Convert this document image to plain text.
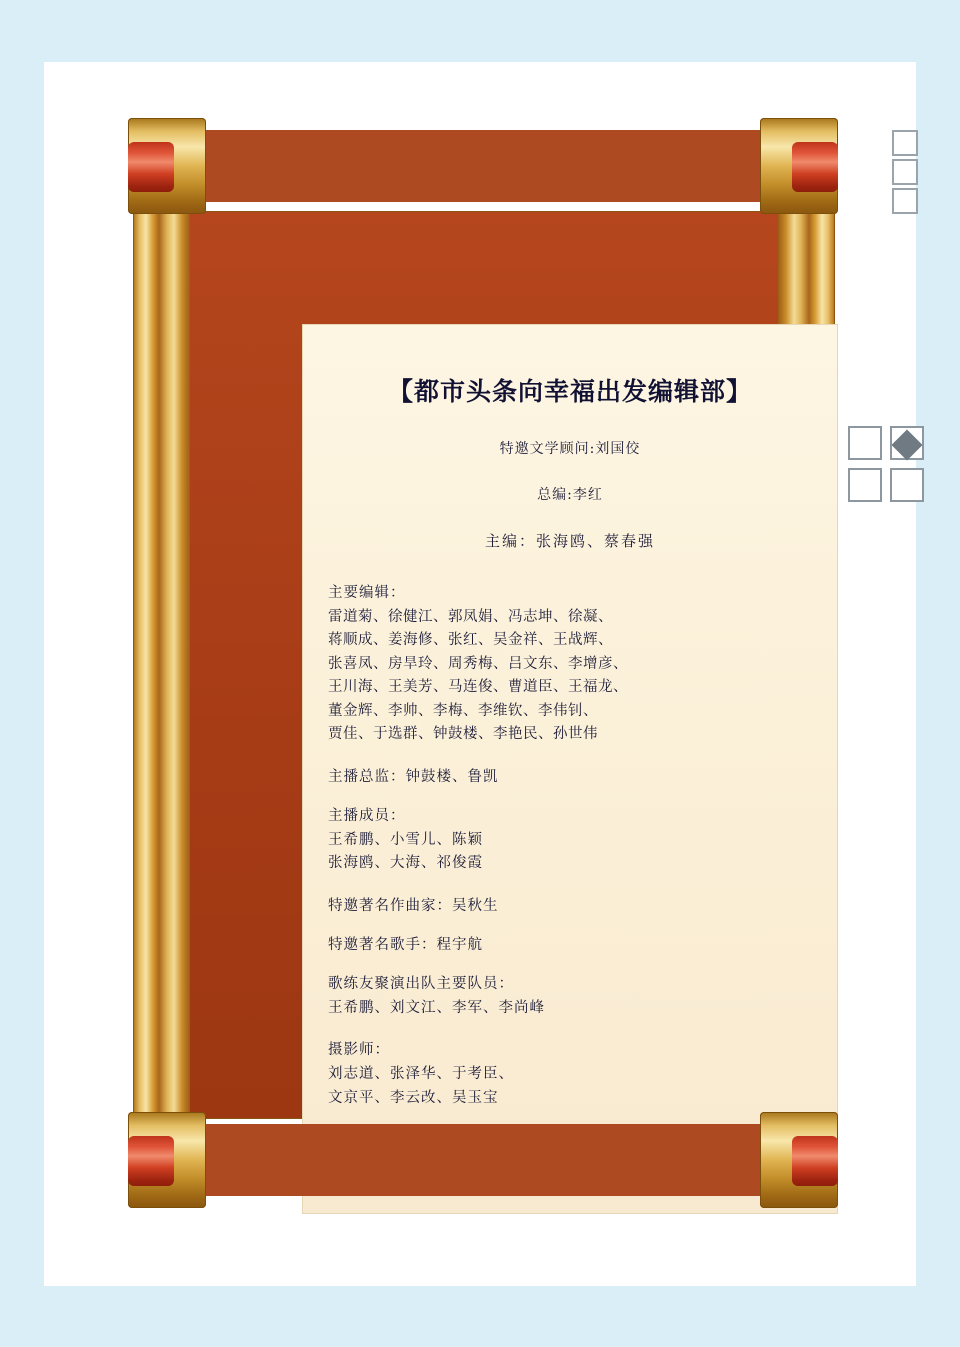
【都市头条向幸福出发编辑部】
特邀文学顾问:刘国佼
总编:李红
主编：张海鸥、蔡春强
主要编辑：
雷道菊、徐健江、郭凤娟、冯志坤、徐凝、
蒋顺成、姜海修、张红、吴金祥、王战辉、
张喜凤、房旱玲、周秀梅、吕文东、李增彦、
王川海、王美芳、马连俊、曹道臣、王福龙、
董金辉、李帅、李梅、李维钦、李伟钊、
贾佳、于选群、钟鼓楼、李艳民、孙世伟
主播总监：钟鼓楼、鲁凯
主播成员：
王希鹏、小雪儿、陈颖
张海鸥、大海、祁俊霞
特邀著名作曲家：吴秋生
特邀著名歌手：程宇航
歌练友聚演出队主要队员：
王希鹏、刘文江、李军、李尚峰
摄影师：
刘志道、张泽华、于考臣、
文京平、李云改、吴玉宝
